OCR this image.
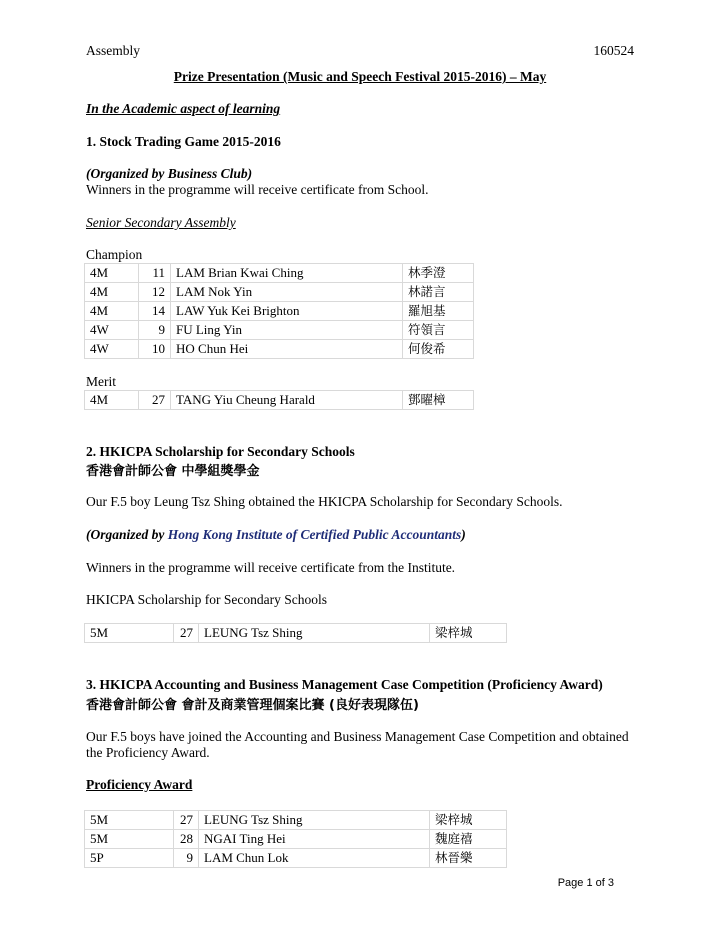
Assembly	160524
Prize Presentation (Music and Speech Festival 2015-2016) – May
In the Academic aspect of learning
1. Stock Trading Game 2015-2016
(Organized by Business Club)
Winners in the programme will receive certificate from School.
Senior Secondary Assembly
Champion
4M	11	LAM Brian Kwai Ching	林季澄
4M	12	LAM Nok Yin	林諾言
4M	14	LAW Yuk Kei Brighton	羅旭基
4W	9	FU Ling Yin	符領言
4W	10	HO Chun Hei	何俊希
Merit
4M	27	TANG Yiu Cheung Harald	鄧曜樟
2. HKICPA Scholarship for Secondary Schools
香港會計師公會 中學組獎學金
Our F.5 boy Leung Tsz Shing obtained the HKICPA Scholarship for Secondary Schools.
(Organized by Hong Kong Institute of Certified Public Accountants)
Winners in the programme will receive certificate from the Institute.
HKICPA Scholarship for Secondary Schools
5M	27	LEUNG Tsz Shing	梁梓城
3. HKICPA Accounting and Business Management Case Competition (Proficiency Award)
香港會計師公會 會計及商業管理個案比賽 (良好表現隊伍)
Our F.5 boys have joined the Accounting and Business Management Case Competition and obtained
the Proficiency Award.
Proficiency Award
5M	27	LEUNG Tsz Shing	梁梓城
5M	28	NGAI Ting Hei	魏庭禧
5P	9	LAM Chun Lok	林晉樂
Page 1 of 3
